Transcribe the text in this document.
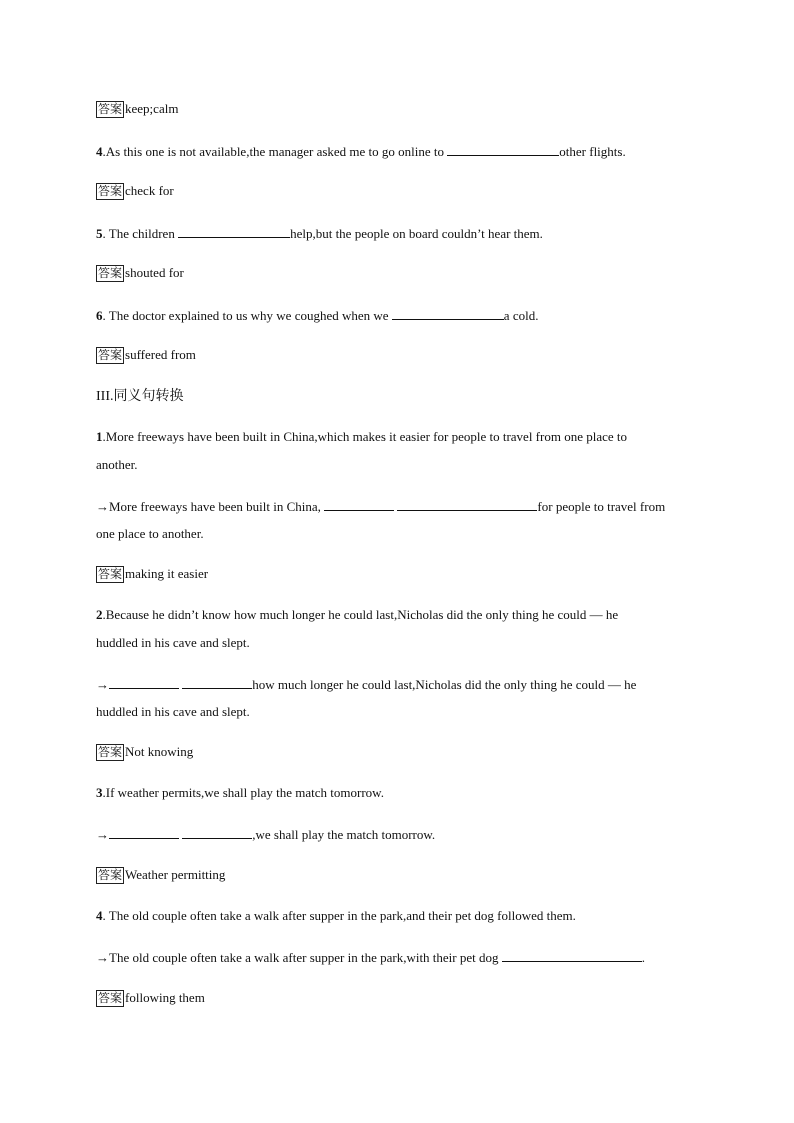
答案 keep;calm
4.As this one is not available,the manager asked me to go online to	other flights.
答案 check for
5. The children	help,but the people on board couldn’t hear them.
答案 shouted for
6. The doctor explained to us why we coughed when we	a cold.
答案 suffered from
III.同义句转换
1.More freeways have been built in China,which makes it easier for people to travel from one place to
another.
→More freeways have been built in China,	for people to travel from
one place to another.
答案 making it easier
2.Because he didn’t know how much longer he could last,Nicholas did the only thing he could — he
huddled in his cave and slept.
→	how much longer he could last,Nicholas did the only thing he could — he
huddled in his cave and slept.
答案 Not knowing
3.If weather permits,we shall play the match tomorrow.
→	,we shall play the match tomorrow.
答案 Weather permitting
4. The old couple often take a walk after supper in the park,and their pet dog followed them.
→The old couple often take a walk after supper in the park,with their pet dog	.
答案 following them
